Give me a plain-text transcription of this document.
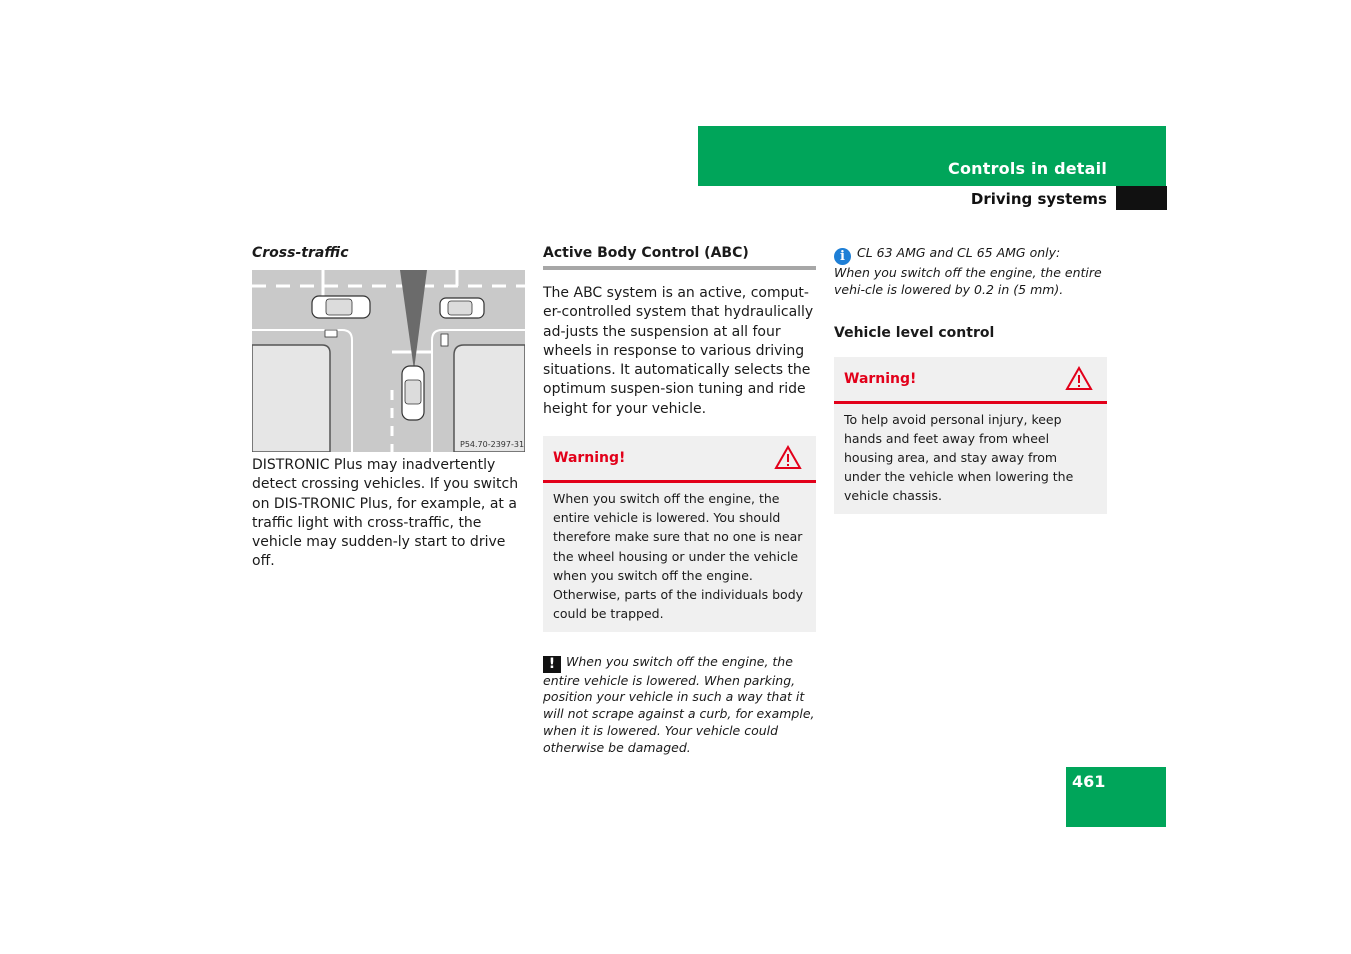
Controls in detail
Driving systems

Cross-traffic

P54.70-2397-31

DISTRONIC Plus may inadvertently detect crossing vehicles. If you switch on DIS-TRONIC Plus, for example, at a traffic light with cross-traffic, the vehicle may sudden-ly start to drive off.

Active Body Control (ABC)

The ABC system is an active, comput-er-controlled system that hydraulically ad-justs the suspension at all four wheels in response to various driving situations. It automatically selects the optimum suspen-sion tuning and ride height for your vehicle.

Warning!

When you switch off the engine, the entire vehicle is lowered. You should therefore make sure that no one is near the wheel housing or under the vehicle when you switch off the engine. Otherwise, parts of the individuals body could be trapped.

! When you switch off the engine, the entire vehicle is lowered. When parking, position your vehicle in such a way that it will not scrape against a curb, for example, when it is lowered. Your vehicle could otherwise be damaged.

i CL 63 AMG and CL 65 AMG only:

When you switch off the engine, the entire vehi-cle is lowered by 0.2 in (5 mm).

Vehicle level control

Warning!

To help avoid personal injury, keep hands and feet away from wheel housing area, and stay away from under the vehicle when lowering the vehicle chassis.

461
